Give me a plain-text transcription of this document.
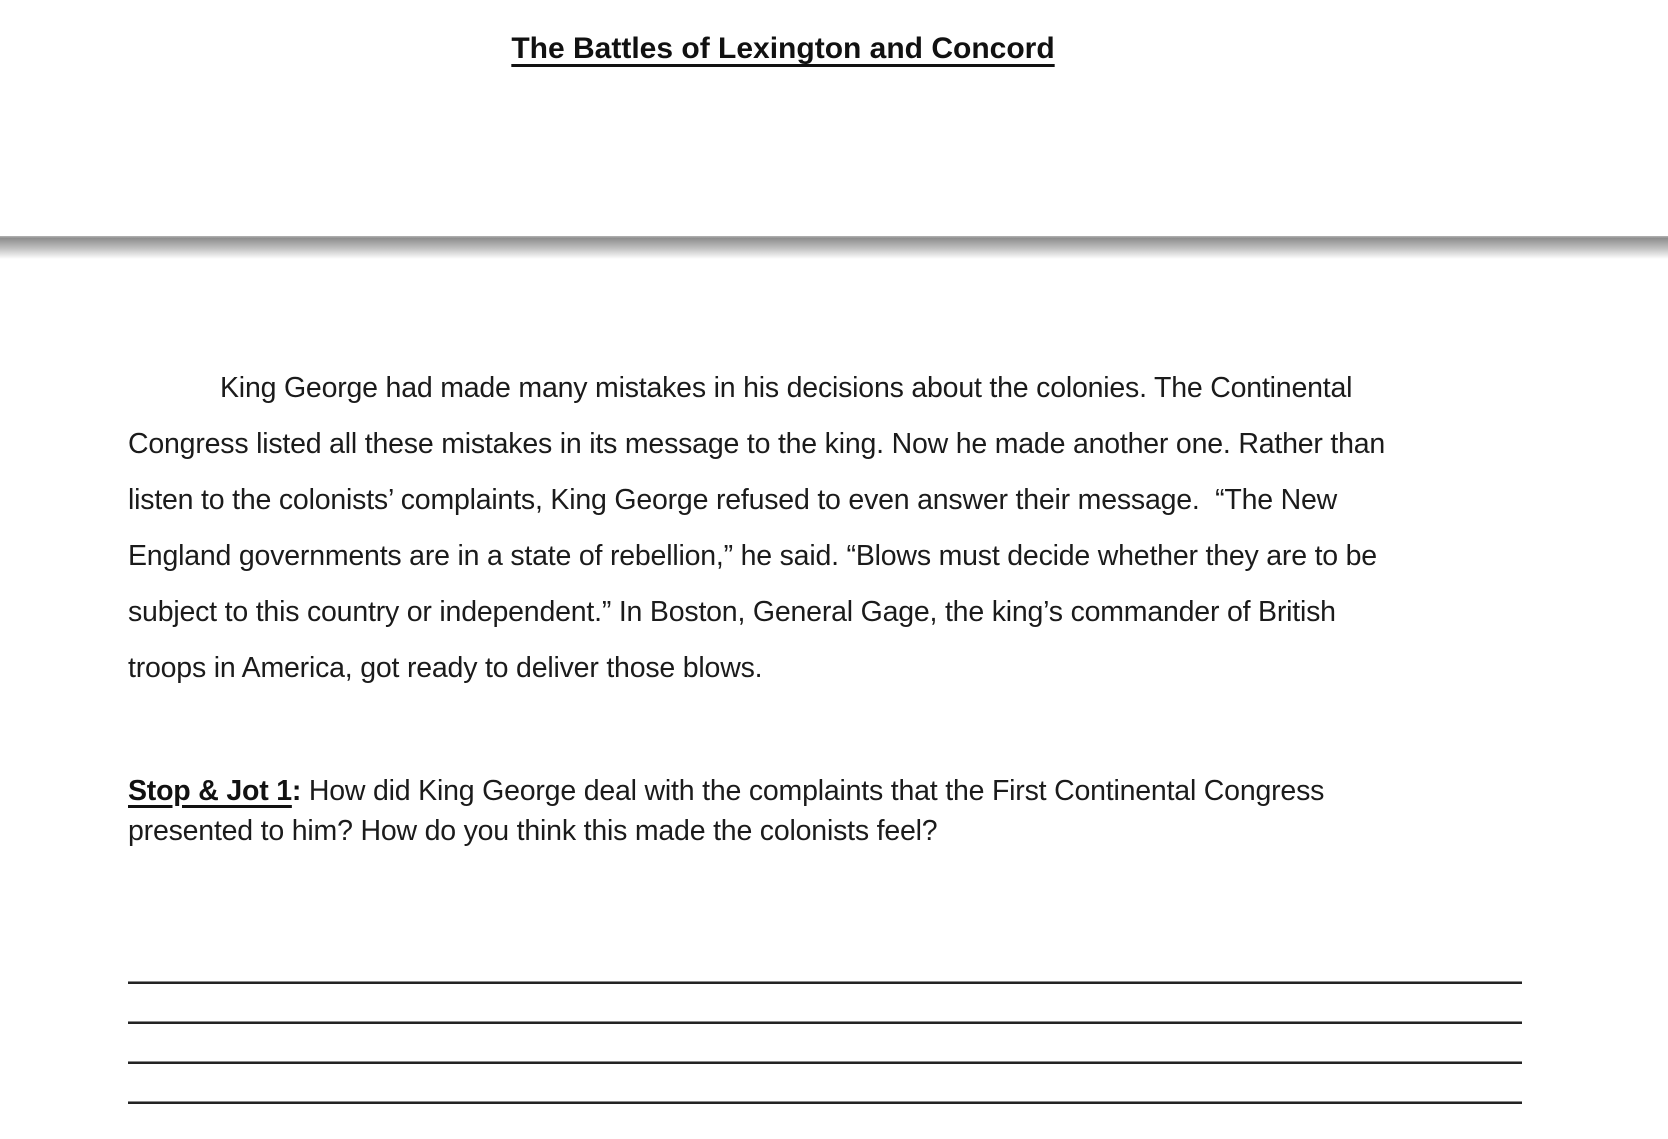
The Battles of Lexington and Concord
King George had made many mistakes in his decisions about the colonies. The Continental Congress listed all these mistakes in its message to the king. Now he made another one. Rather than listen to the colonists’ complaints, King George refused to even answer their message.  “The New England governments are in a state of rebellion,” he said. “Blows must decide whether they are to be subject to this country or independent.” In Boston, General Gage, the king’s commander of British troops in America, got ready to deliver those blows.
Stop & Jot 1: How did King George deal with the complaints that the First Continental Congress presented to him? How do you think this made the colonists feel?
